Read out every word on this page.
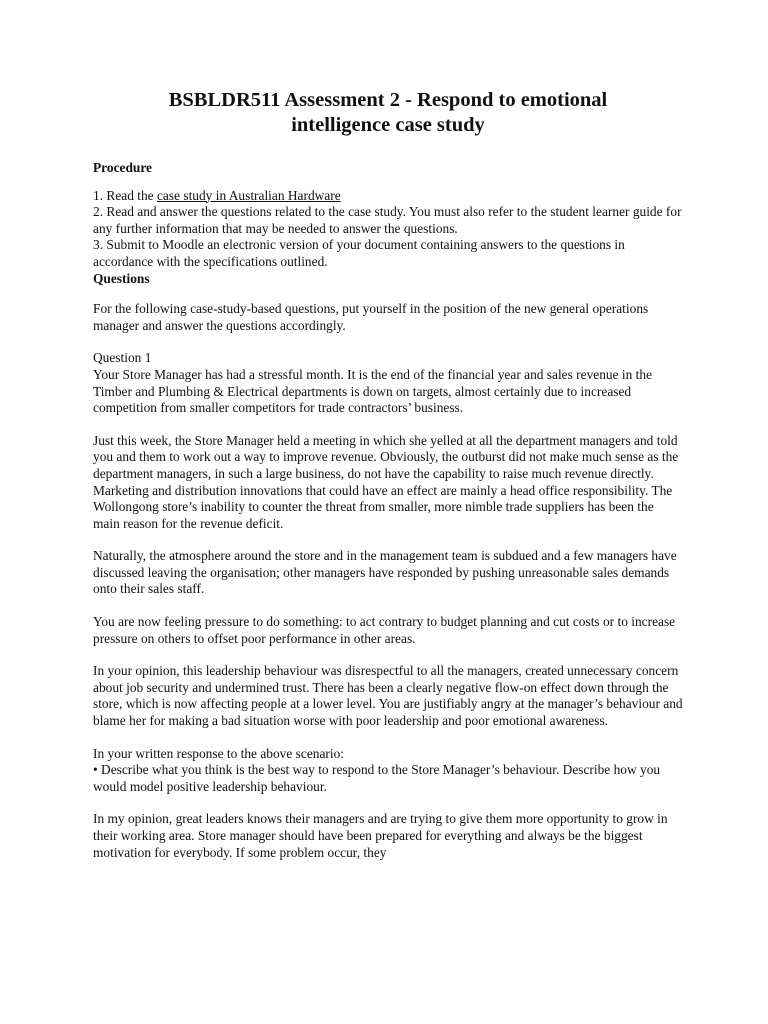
BSBLDR511 Assessment 2 - Respond to emotional
intelligence case study

Procedure

1. Read the case study in Australian Hardware

2. Read and answer the questions related to the case study. You must also refer to the student learner guide for any further information that may be needed to answer the questions.

3. Submit to Moodle an electronic version of your document containing answers to the questions in accordance with the specifications outlined.

Questions

For the following case-study-based questions, put yourself in the position of the new general operations manager and answer the questions accordingly.

Question 1

Your Store Manager has had a stressful month. It is the end of the financial year and sales revenue in the Timber and Plumbing & Electrical departments is down on targets, almost certainly due to increased competition from smaller competitors for trade contractors’ business.

Just this week, the Store Manager held a meeting in which she yelled at all the department managers and told you and them to work out a way to improve revenue. Obviously, the outburst did not make much sense as the department managers, in such a large business, do not have the capability to raise much revenue directly. Marketing and distribution innovations that could have an effect are mainly a head office responsibility. The Wollongong store’s inability to counter the threat from smaller, more nimble trade suppliers has been the main reason for the revenue deficit.

Naturally, the atmosphere around the store and in the management team is subdued and a few managers have discussed leaving the organisation; other managers have responded by pushing unreasonable sales demands onto their sales staff.

You are now feeling pressure to do something: to act contrary to budget planning and cut costs or to increase pressure on others to offset poor performance in other areas.

In your opinion, this leadership behaviour was disrespectful to all the managers, created unnecessary concern about job security and undermined trust. There has been a clearly negative flow-on effect down through the store, which is now affecting people at a lower level. You are justifiably angry at the manager’s behaviour and blame her for making a bad situation worse with poor leadership and poor emotional awareness.

In your written response to the above scenario:

• Describe what you think is the best way to respond to the Store Manager’s behaviour. Describe how you would model positive leadership behaviour.

In my opinion, great leaders knows their managers and are trying to give them more opportunity to grow in their working area. Store manager should have been prepared for everything and always be the biggest motivation for everybody. If some problem occur, they
